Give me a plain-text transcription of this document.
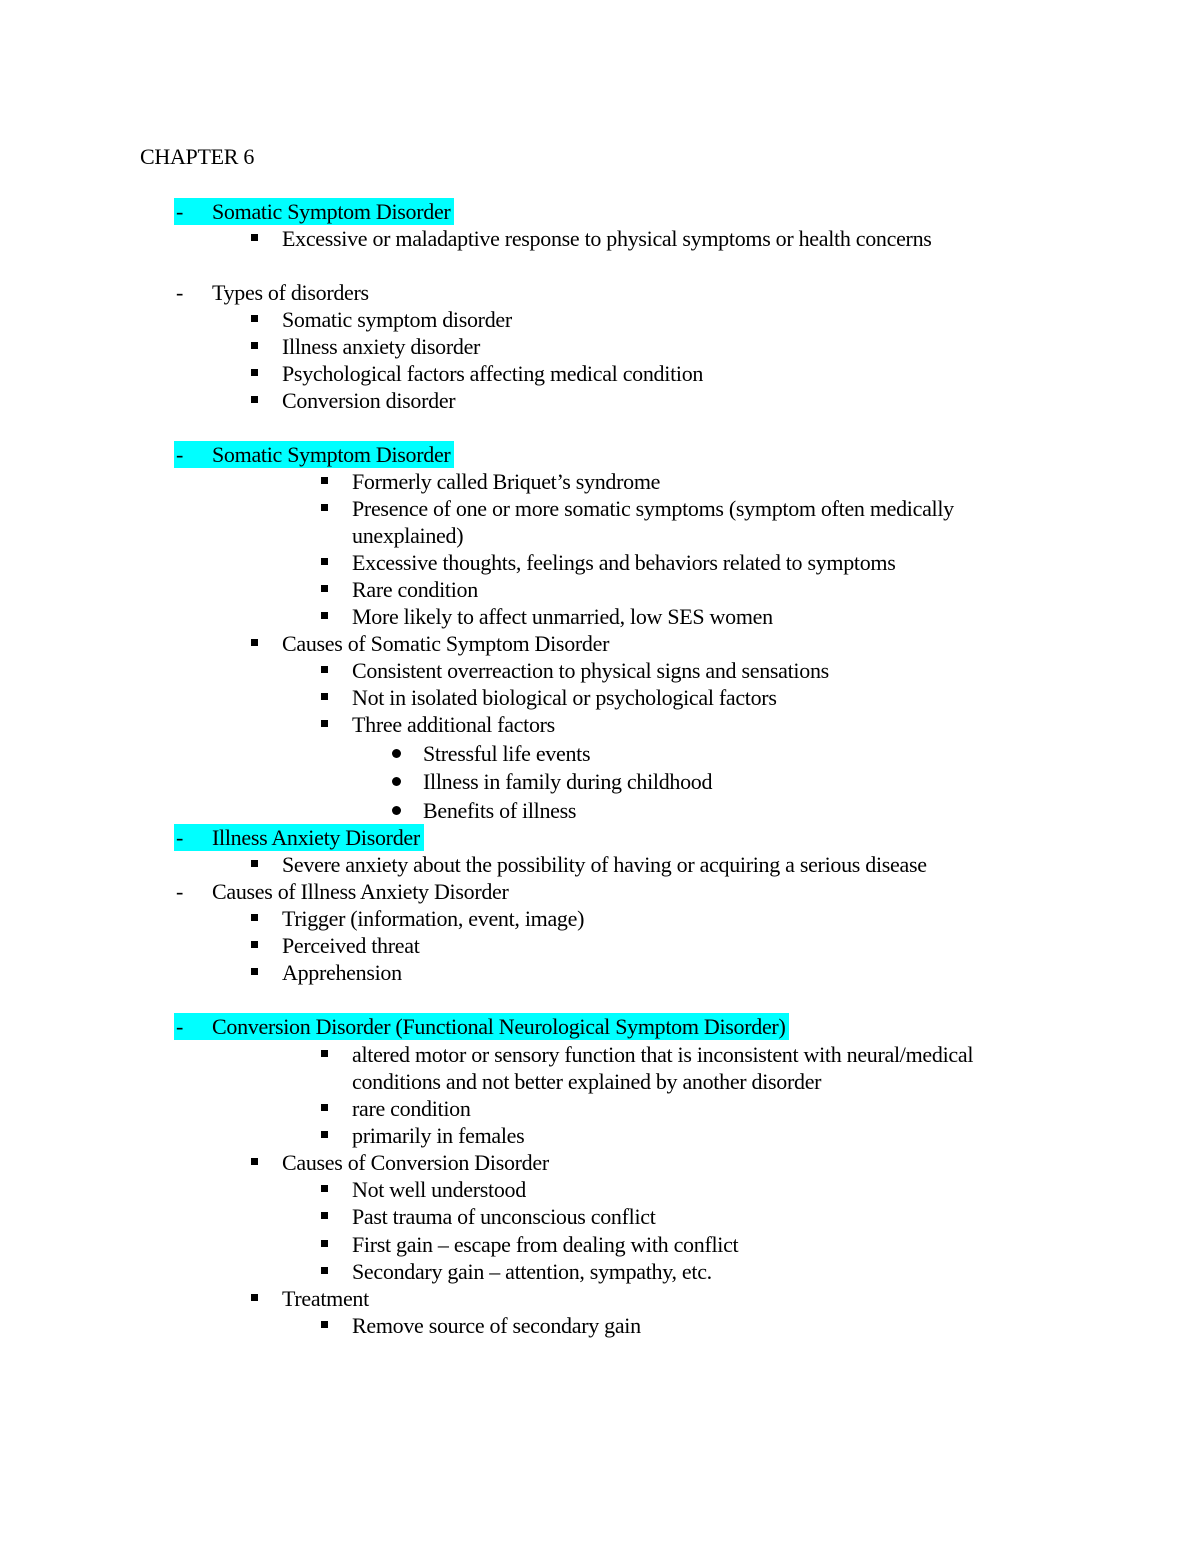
CHAPTER 6
- Somatic Symptom Disorder
Excessive or maladaptive response to physical symptoms or health concerns
- Types of disorders
Somatic symptom disorder
Illness anxiety disorder
Psychological factors affecting medical condition
Conversion disorder
- Somatic Symptom Disorder
Formerly called Briquet’s syndrome
Presence of one or more somatic symptoms (symptom often medically
unexplained)
Excessive thoughts, feelings and behaviors related to symptoms
Rare condition
More likely to affect unmarried, low SES women
Causes of Somatic Symptom Disorder
Consistent overreaction to physical signs and sensations
Not in isolated biological or psychological factors
Three additional factors
Stressful life events
Illness in family during childhood
Benefits of illness
- Illness Anxiety Disorder
Severe anxiety about the possibility of having or acquiring a serious disease
- Causes of Illness Anxiety Disorder
Trigger (information, event, image)
Perceived threat
Apprehension
- Conversion Disorder (Functional Neurological Symptom Disorder)
altered motor or sensory function that is inconsistent with neural/medical
conditions and not better explained by another disorder
rare condition
primarily in females
Causes of Conversion Disorder
Not well understood
Past trauma of unconscious conflict
First gain – escape from dealing with conflict
Secondary gain – attention, sympathy, etc.
Treatment
Remove source of secondary gain
